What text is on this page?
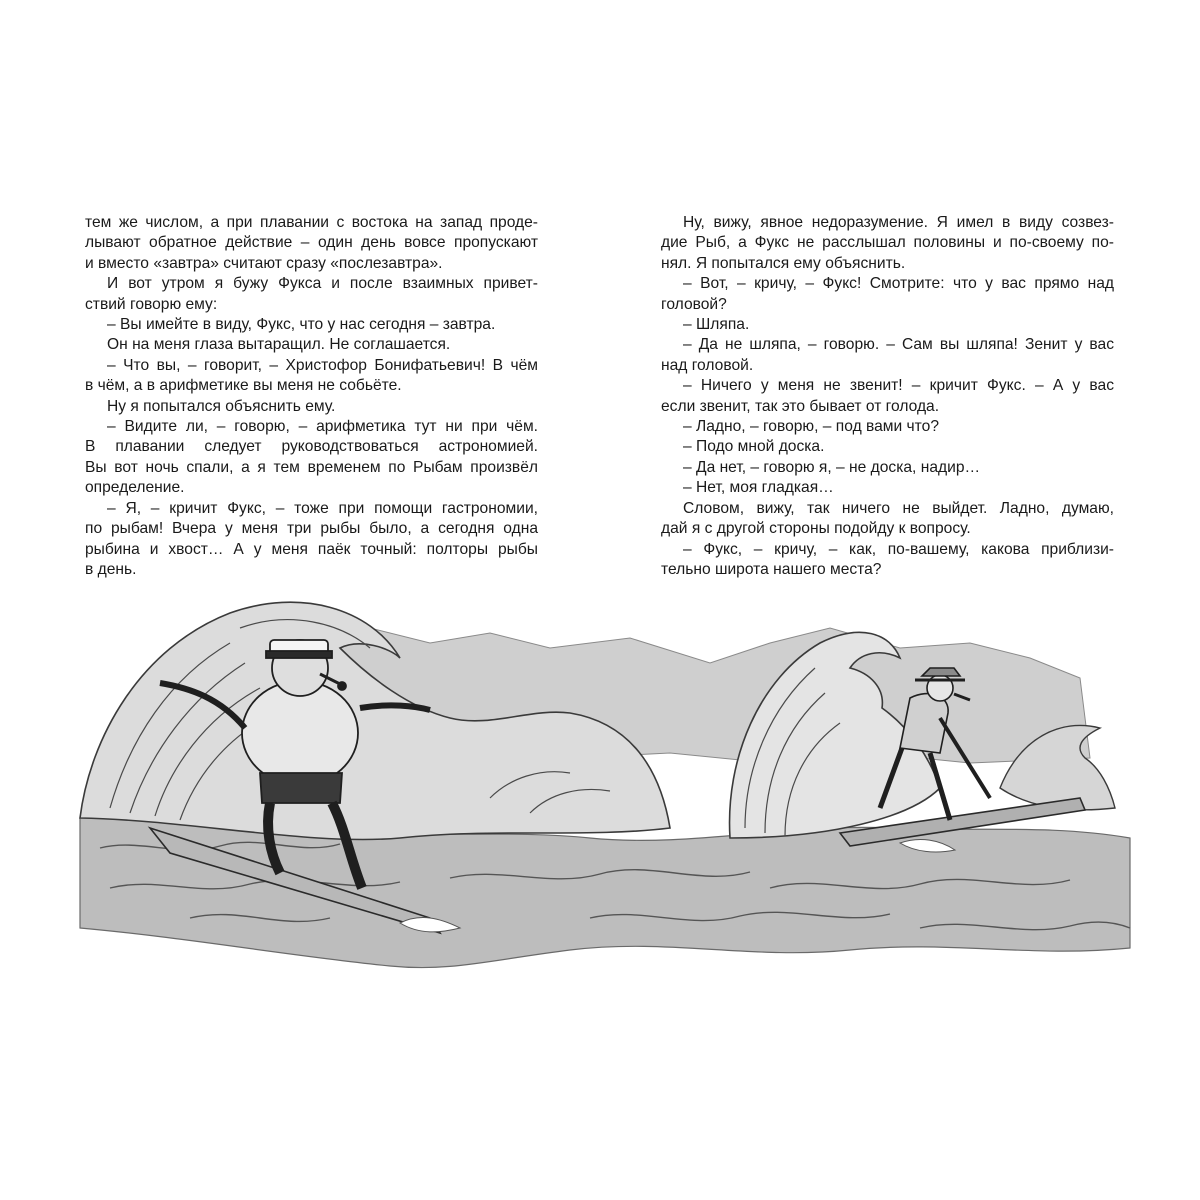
тем же числом, а при плавании с востока на запад проде-
лывают обратное действие – один день вовсе пропускают
и вместо «завтра» считают сразу «послезавтра».
И вот утром я бужу Фукса и после взаимных привет-
ствий говорю ему:
– Вы имейте в виду, Фукс, что у нас сегодня – завтра.
Он на меня глаза вытаращил. Не соглашается.
– Что вы, – говорит, – Христофор Бонифатьевич! В чём
в чём, а в арифметике вы меня не собьёте.
Ну я попытался объяснить ему.
– Видите ли, – говорю, – арифметика тут ни при чём.
В плавании следует руководствоваться астрономией.
Вы вот ночь спали, а я тем временем по Рыбам произвёл
определение.
– Я, – кричит Фукс, – тоже при помощи гастрономии,
по рыбам! Вчера у меня три рыбы было, а сегодня одна
рыбина и хвост… А у меня паёк точный: полторы рыбы
в день.
Ну, вижу, явное недоразумение. Я имел в виду созвез-
дие Рыб, а Фукс не расслышал половины и по-своему по-
нял. Я попытался ему объяснить.
– Вот, – кричу, – Фукс! Смотрите: что у вас прямо над
головой?
– Шляпа.
– Да не шляпа, – говорю. – Сам вы шляпа! Зенит у вас
над головой.
– Ничего у меня не звенит! – кричит Фукс. – А у вас
если звенит, так это бывает от голода.
– Ладно, – говорю, – под вами что?
– Подо мной доска.
– Да нет, – говорю я, – не доска, надир…
– Нет, моя гладкая…
Словом, вижу, так ничего не выйдет. Ладно, думаю,
дай я с другой стороны подойду к вопросу.
– Фукс, – кричу, – как, по-вашему, какова приблизи-
тельно широта нашего места?
